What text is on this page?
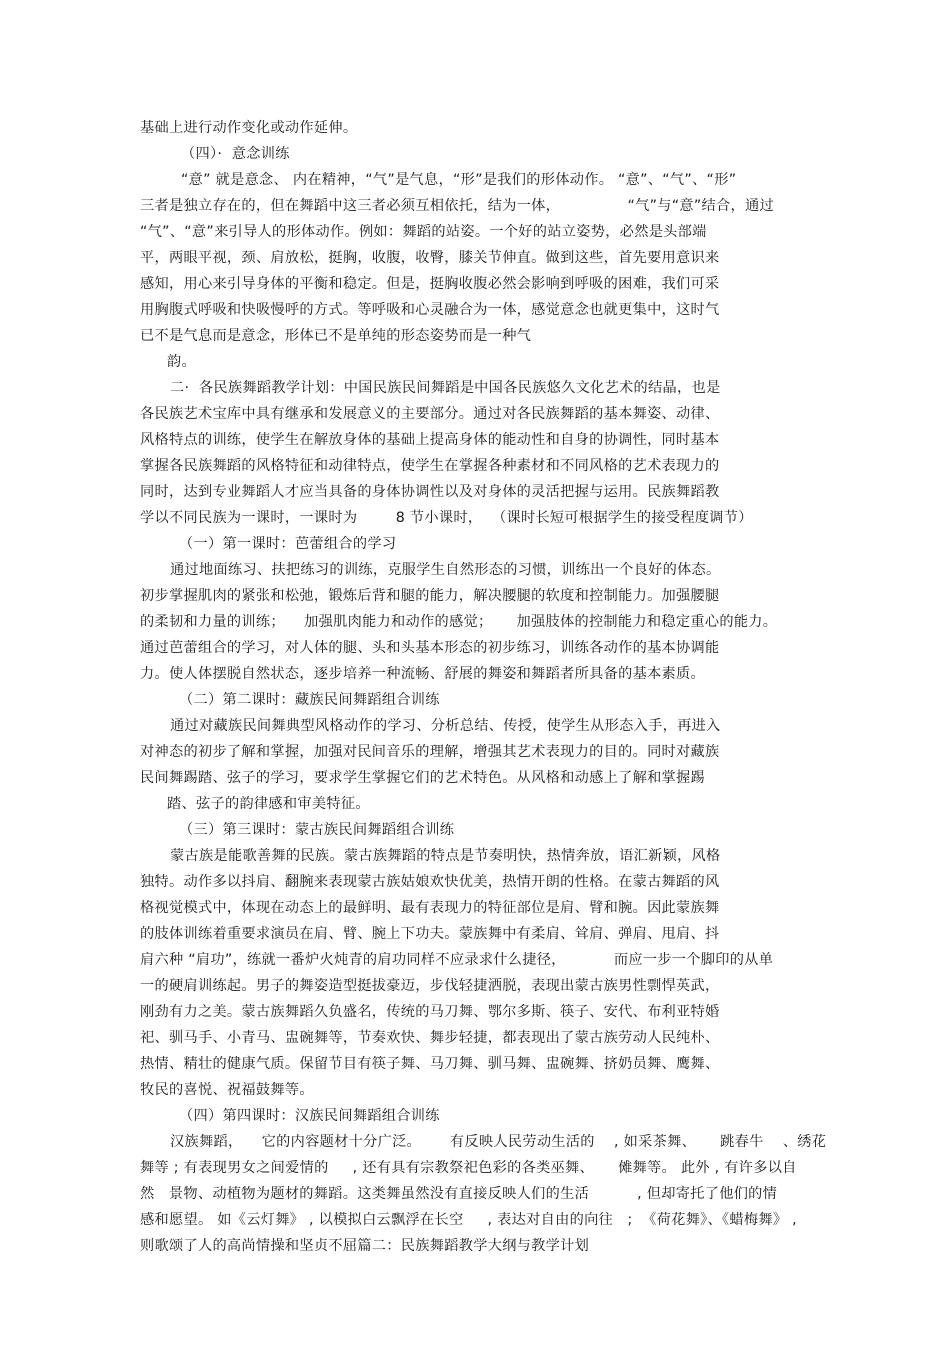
基础上进行动作变化或动作延伸。
（四）·  意念训练
“意” 就是意念、 内在精神，“气”是气息，“形”是我们的形体动作。 “意”、“气”、“形”
三者是独立存在的，但在舞蹈中这三者必须互相依托，结为一体，              “气”与“意”结合，通过
“气”、“意”来引导人的形体动作。例如：舞蹈的站姿。一个好的站立姿势，必然是头部端
平，两眼平视，颈、肩放松，挺胸，收腹，收臀，膝关节伸直。做到这些，首先要用意识来
感知，用心来引导身体的平衡和稳定。但是，挺胸收腹必然会影响到呼吸的困难，我们可采
用胸腹式呼吸和快吸慢呼的方式。等呼吸和心灵融合为一体，感觉意念也就更集中，这时气
已不是气息而是意念，形体已不是单纯的形态姿势而是一种气
韵。
二·  各民族舞蹈教学计划：中国民族民间舞蹈是中国各民族悠久文化艺术的结晶，也是
各民族艺术宝库中具有继承和发展意义的主要部分。通过对各民族舞蹈的基本舞姿、动律、
风格特点的训练，使学生在解放身体的基础上提高身体的能动性和自身的协调性，同时基本
掌握各民族舞蹈的风格特征和动律特点，使学生在掌握各种素材和不同风格的艺术表现力的
同时，达到专业舞蹈人才应当具备的身体协调性以及对身体的灵活把握与运用。民族舞蹈教
学以不同民族为一课时，一课时为        8 节小课时，  （课时长短可根据学生的接受程度调节）
（一）第一课时：芭蕾组合的学习
通过地面练习、扶把练习的训练，克服学生自然形态的习惯，训练出一个良好的体态。
初步掌握肌肉的紧张和松弛，锻炼后背和腿的能力，解决腰腿的软度和控制能力。加强腰腿
的柔韧和力量的训练；    加强肌肉能力和动作的感觉；     加强肢体的控制能力和稳定重心的能力。
通过芭蕾组合的学习，对人体的腿、头和头基本形态的初步练习，训练各动作的基本协调能
力。使人体摆脱自然状态，逐步培养一种流畅、舒展的舞姿和舞蹈者所具备的基本素质。
（二）第二课时：藏族民间舞蹈组合训练
通过对藏族民间舞典型风格动作的学习、分析总结、传授，使学生从形态入手，再进入
对神态的初步了解和掌握，加强对民间音乐的理解，增强其艺术表现力的目的。同时对藏族
民间舞踢踏、弦子的学习，要求学生掌握它们的艺术特色。从风格和动感上了解和掌握踢
踏、弦子的韵律感和审美特征。
（三）第三课时：蒙古族民间舞蹈组合训练
蒙古族是能歌善舞的民族。蒙古族舞蹈的特点是节奏明快，热情奔放，语汇新颖，风格
独特。动作多以抖肩、翻腕来表现蒙古族姑娘欢快优美，热情开朗的性格。在蒙古舞蹈的风
格视觉模式中，体现在动态上的最鲜明、最有表现力的特征部位是肩、臂和腕。因此蒙族舞
的肢体训练着重要求演员在肩、臂、腕上下功夫。蒙族舞中有柔肩、耸肩、弹肩、甩肩、抖
肩六种 “肩功”，练就一番炉火炖青的肩功同样不应录求什么捷径，          而应一步一个脚印的从单
一的硬肩训练起。男子的舞姿造型挺拔豪迈，步伐轻捷洒脱，表现出蒙古族男性剽悍英武，
刚劲有力之美。蒙古族舞蹈久负盛名，传统的马刀舞、鄂尔多斯、筷子、安代、布利亚特婚
祀、驯马手、小青马、盅碗舞等，节奏欢快、舞步轻捷，都表现出了蒙古族劳动人民纯朴、
热情、精壮的健康气质。保留节目有筷子舞、马刀舞、驯马舞、盅碗舞、挤奶员舞、鹰舞、
牧民的喜悦、祝福鼓舞等。
（四）第四课时：汉族民间舞蹈组合训练
汉族舞蹈，    它的内容题材十分广泛。      有反映人民劳动生活的    , 如采茶舞、     跳春牛    、绣花
舞等 ; 有表现男女之间爱情的     , 还有具有宗教祭祀色彩的各类巫舞、     傩舞等。 此外 , 有许多以自
然   景物、动植物为题材的舞蹈。这类舞虽然没有直接反映人们的生活          , 但却寄托了他们的情
感和愿望。 如《云灯舞》 , 以模拟白云飘浮在长空     , 表达对自由的向往   ;  《荷花舞》、《蜡梅舞》 ,
则歌颂了人的高尚情操和坚贞不屈篇二：民族舞蹈教学大纲与教学计划
